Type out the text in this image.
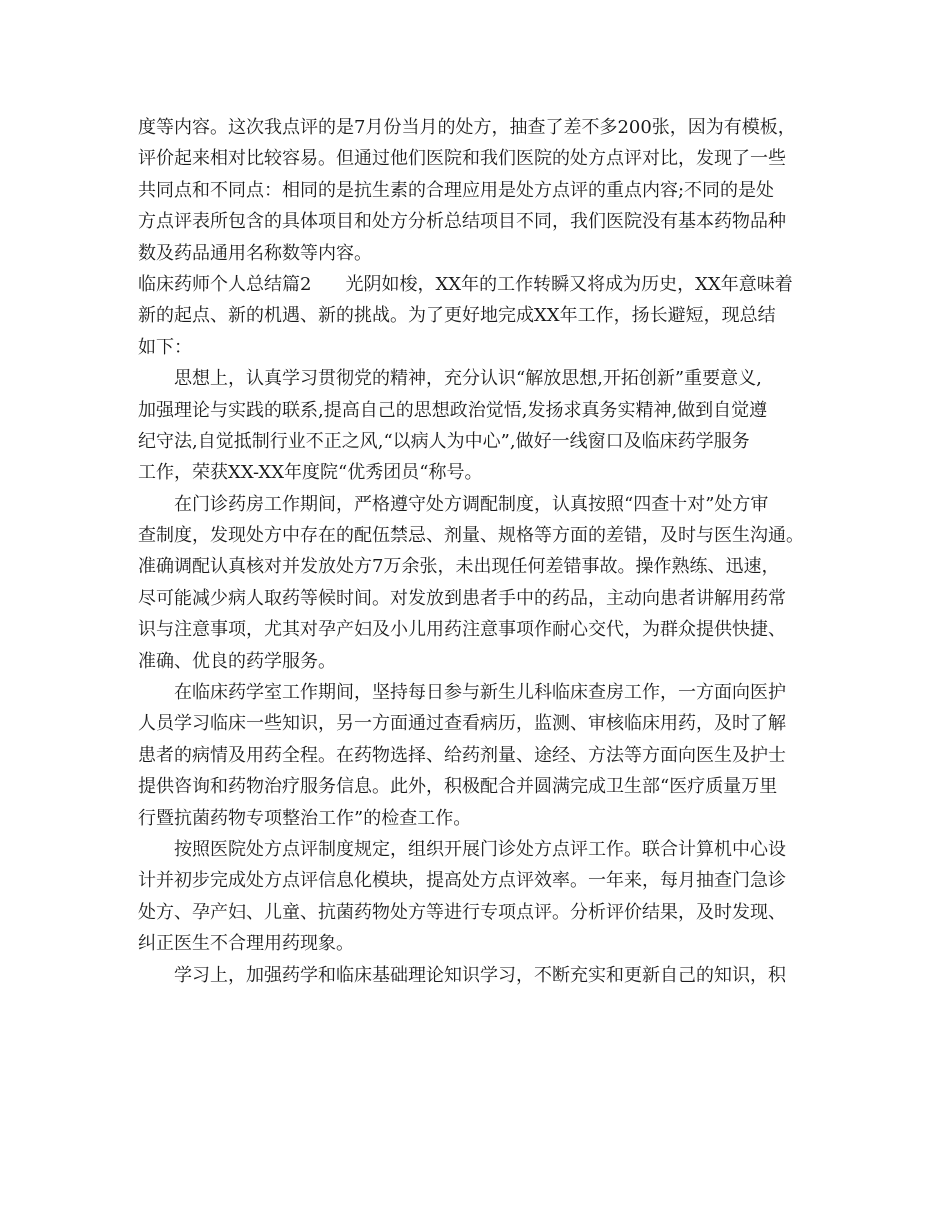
度等内容。这次我点评的是7月份当月的处方，抽查了差不多200张，因为有模板，
评价起来相对比较容易。但通过他们医院和我们医院的处方点评对比，发现了一些
共同点和不同点：相同的是抗生素的合理应用是处方点评的重点内容;不同的是处
方点评表所包含的具体项目和处方分析总结项目不同，我们医院没有基本药物品种
数及药品通用名称数等内容。
临床药师个人总结篇2 光阴如梭，XX年的工作转瞬又将成为历史，XX年意味着
新的起点、新的机遇、新的挑战。为了更好地完成XX年工作，扬长避短，现总结
如下：
思想上，认真学习贯彻党的精神，充分认识“解放思想,开拓创新”重要意义,
加强理论与实践的联系,提高自己的思想政治觉悟,发扬求真务实精神,做到自觉遵
纪守法,自觉抵制行业不正之风,“以病人为中心”,做好一线窗口及临床药学服务
工作，荣获XX-XX年度院“优秀团员“称号。
在门诊药房工作期间，严格遵守处方调配制度，认真按照“四查十对”处方审
查制度，发现处方中存在的配伍禁忌、剂量、规格等方面的差错，及时与医生沟通。
准确调配认真核对并发放处方7万余张，未出现任何差错事故。操作熟练、迅速，
尽可能减少病人取药等候时间。对发放到患者手中的药品，主动向患者讲解用药常
识与注意事项，尤其对孕产妇及小儿用药注意事项作耐心交代，为群众提供快捷、
准确、优良的药学服务。
在临床药学室工作期间，坚持每日参与新生儿科临床查房工作，一方面向医护
人员学习临床一些知识，另一方面通过查看病历，监测、审核临床用药，及时了解
患者的病情及用药全程。在药物选择、给药剂量、途经、方法等方面向医生及护士
提供咨询和药物治疗服务信息。此外，积极配合并圆满完成卫生部“医疗质量万里
行暨抗菌药物专项整治工作”的检查工作。
按照医院处方点评制度规定，组织开展门诊处方点评工作。联合计算机中心设
计并初步完成处方点评信息化模块，提高处方点评效率。一年来，每月抽查门急诊
处方、孕产妇、儿童、抗菌药物处方等进行专项点评。分析评价结果，及时发现、
纠正医生不合理用药现象。
学习上，加强药学和临床基础理论知识学习，不断充实和更新自己的知识，积
